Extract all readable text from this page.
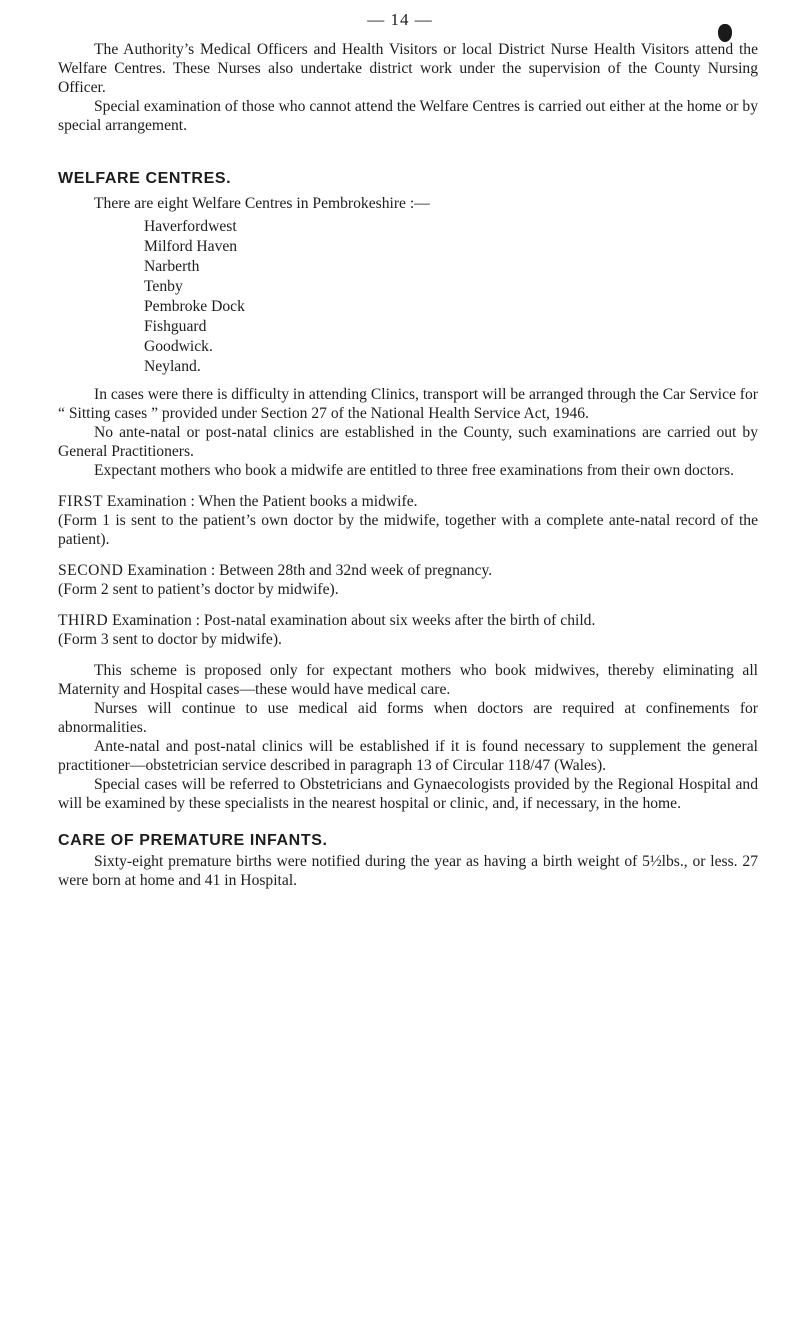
— 14 —

The Authority’s Medical Officers and Health Visitors or local District Nurse Health Visitors attend the Welfare Centres. These Nurses also undertake district work under the supervision of the County Nursing Officer.

Special examination of those who cannot attend the Welfare Centres is carried out either at the home or by special arrangement.

WELFARE CENTRES.

There are eight Welfare Centres in Pembrokeshire :—

Haverfordwest
Milford Haven
Narberth
Tenby
Pembroke Dock
Fishguard
Goodwick.
Neyland.

In cases were there is difficulty in attending Clinics, transport will be arranged through the Car Service for “ Sitting cases ” provided under Section 27 of the National Health Service Act, 1946.

No ante-natal or post-natal clinics are established in the County, such examinations are carried out by General Practitioners.

Expectant mothers who book a midwife are entitled to three free examinations from their own doctors.

FIRST Examination : When the Patient books a midwife.

(Form 1 is sent to the patient’s own doctor by the midwife, together with a complete ante-natal record of the patient).

SECOND Examination : Between 28th and 32nd week of pregnancy.

(Form 2 sent to patient’s doctor by midwife).

THIRD Examination : Post-natal examination about six weeks after the birth of child.

(Form 3 sent to doctor by midwife).

This scheme is proposed only for expectant mothers who book midwives, thereby eliminating all Maternity and Hospital cases—these would have medical care.

Nurses will continue to use medical aid forms when doctors are required at confinements for abnormalities.

Ante-natal and post-natal clinics will be established if it is found necessary to supplement the general practitioner—obstetrician service described in paragraph 13 of Circular 118/47 (Wales).

Special cases will be referred to Obstetricians and Gynaecologists provided by the Regional Hospital and will be examined by these specialists in the nearest hospital or clinic, and, if necessary, in the home.

CARE OF PREMATURE INFANTS.

Sixty-eight premature births were notified during the year as having a birth weight of 5½lbs., or less. 27 were born at home and 41 in Hospital.
